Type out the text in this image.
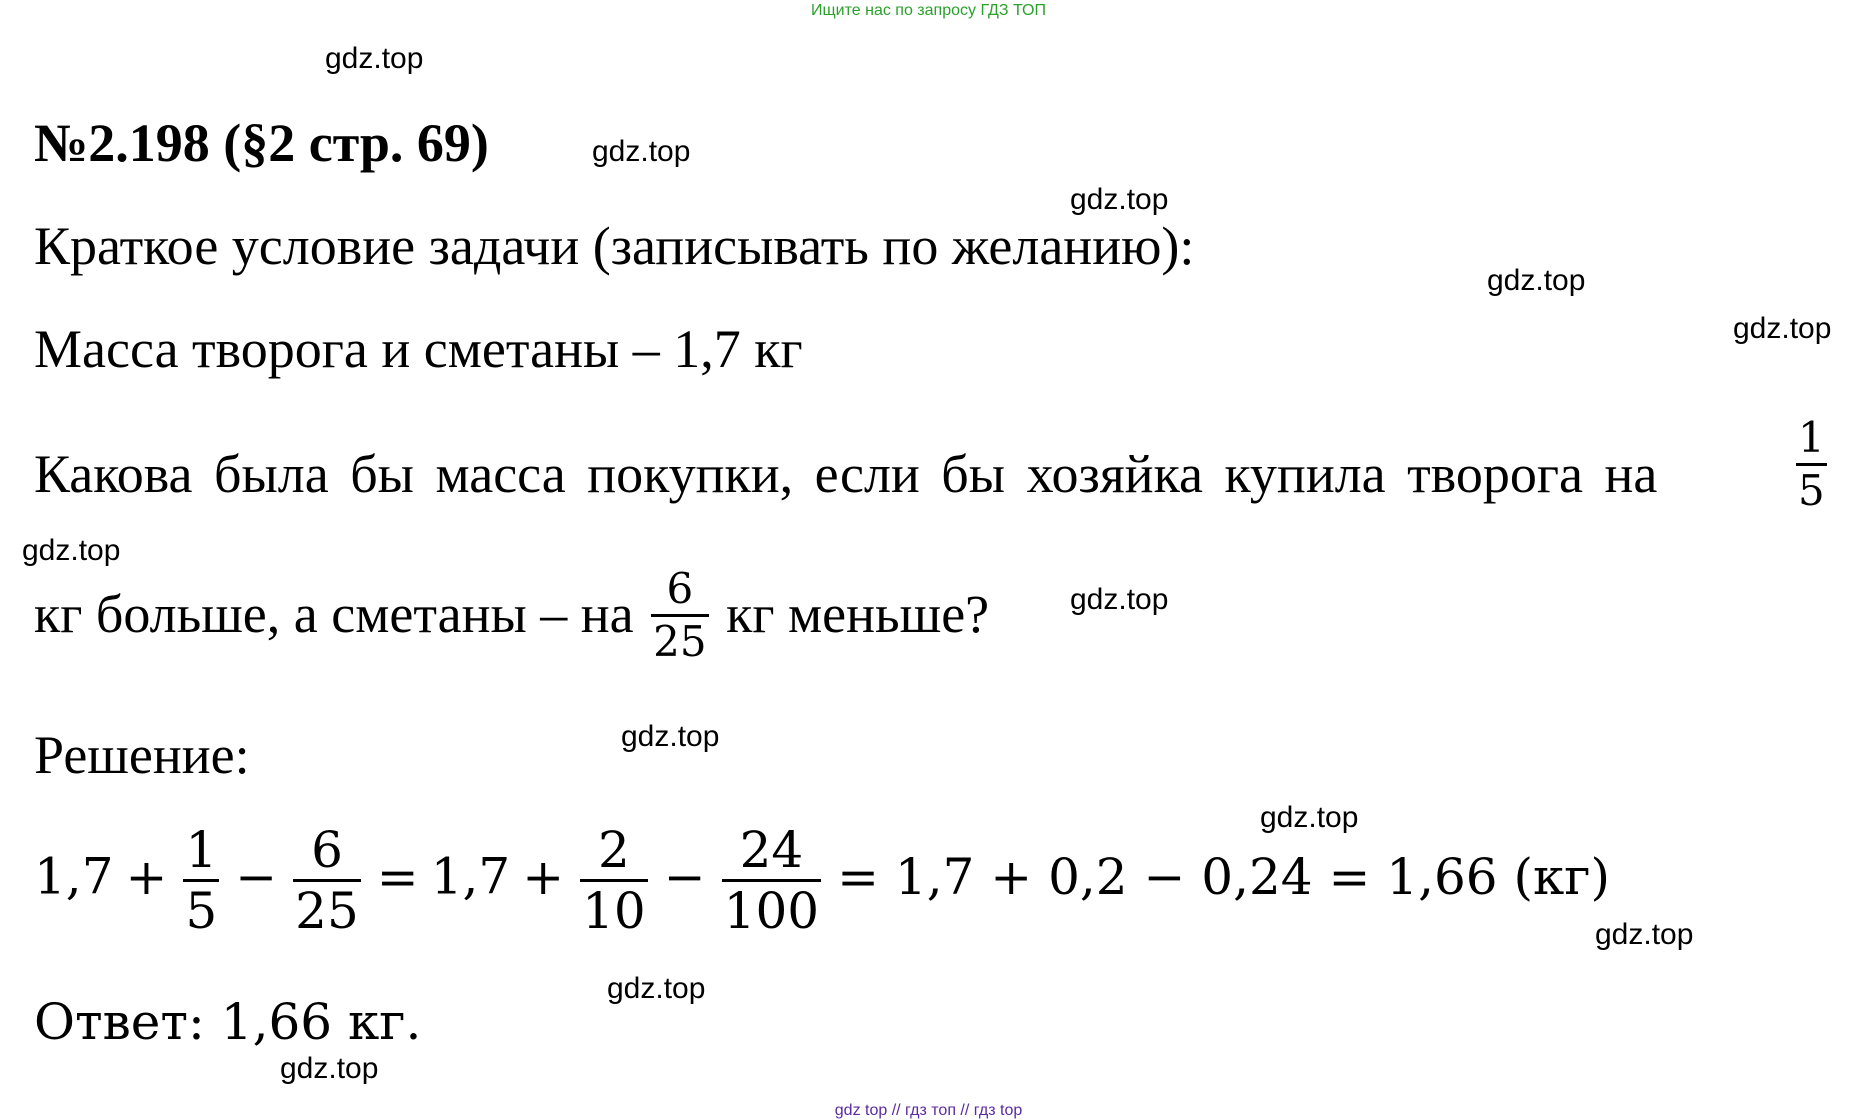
Ищите нас по запросу ГДЗ ТОП
gdz top // гдз топ // гдз top
gdz.top
gdz.top
gdz.top
gdz.top
gdz.top
gdz.top
gdz.top
gdz.top
gdz.top
gdz.top
gdz.top
gdz.top
№2.198 (§2 стр. 69)
Краткое условие задачи (записывать по желанию):
Масса творога и сметаны – 1,7 кг
Какова была бы масса покупки, если бы хозяйка купила творога на	$\frac{1}{5}$
кг больше, а сметаны – на $\frac{6}{25}$ кг меньше?
Решение:
$1,7 + \frac{1}{5} - \frac{6}{25} = 1,7 + \frac{2}{10} - \frac{24}{100} = 1,7 + 0,2 - 0,24 = 1,66$ (кг)
Ответ: 1,66 кг.
